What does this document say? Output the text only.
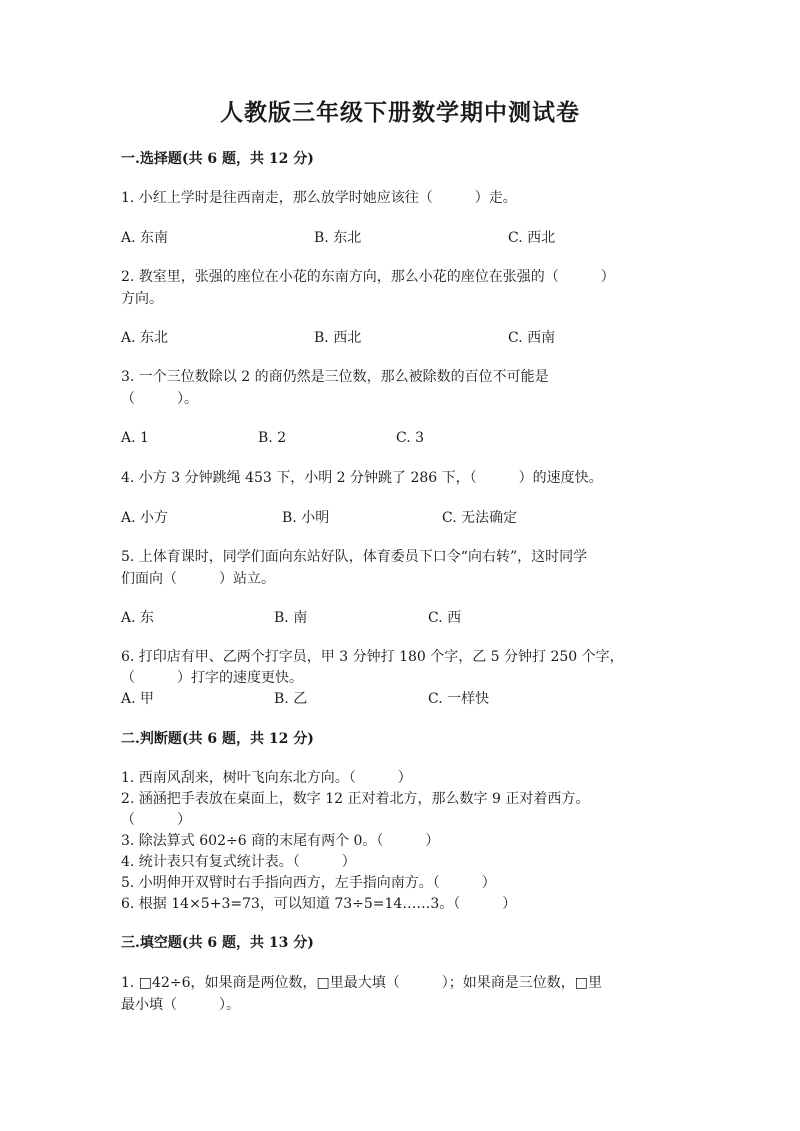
人教版三年级下册数学期中测试卷
一.选择题(共 6 题，共 12 分)
1. 小红上学时是往西南走，那么放学时她应该往（　　　）走。
A. 东南	B. 东北	C. 西北
2. 教室里，张强的座位在小花的东南方向，那么小花的座位在张强的（　　　）
方向。
A. 东北	B. 西北	C. 西南
3. 一个三位数除以 2 的商仍然是三位数，那么被除数的百位不可能是
（　　　）。
A. 1	B. 2	C. 3
4. 小方 3 分钟跳绳 453 下，小明 2 分钟跳了 286 下，（　　　）的速度快。
A. 小方	B. 小明	C. 无法确定
5. 上体育课时，同学们面向东站好队，体育委员下口令“向右转”，这时同学
们面向（　　　）站立。
A. 东	B. 南	C. 西
6. 打印店有甲、乙两个打字员，甲 3 分钟打 180 个字，乙 5 分钟打 250 个字，
（　　　）打字的速度更快。
A. 甲	B. 乙	C. 一样快
二.判断题(共 6 题，共 12 分)
1. 西南风刮来，树叶飞向东北方向。（　　　）
2. 涵涵把手表放在桌面上，数字 12 正对着北方，那么数字 9 正对着西方。
（　　　）
3. 除法算式 602÷6 商的末尾有两个 0。（　　　）
4. 统计表只有复式统计表。（　　　）
5. 小明伸开双臂时右手指向西方，左手指向南方。（　　　）
6. 根据 14×5+3=73，可以知道 73÷5=14……3。（　　　）
三.填空题(共 6 题，共 13 分)
1. □42÷6，如果商是两位数，□里最大填（　　　）；如果商是三位数，□里
最小填（　　　）。
